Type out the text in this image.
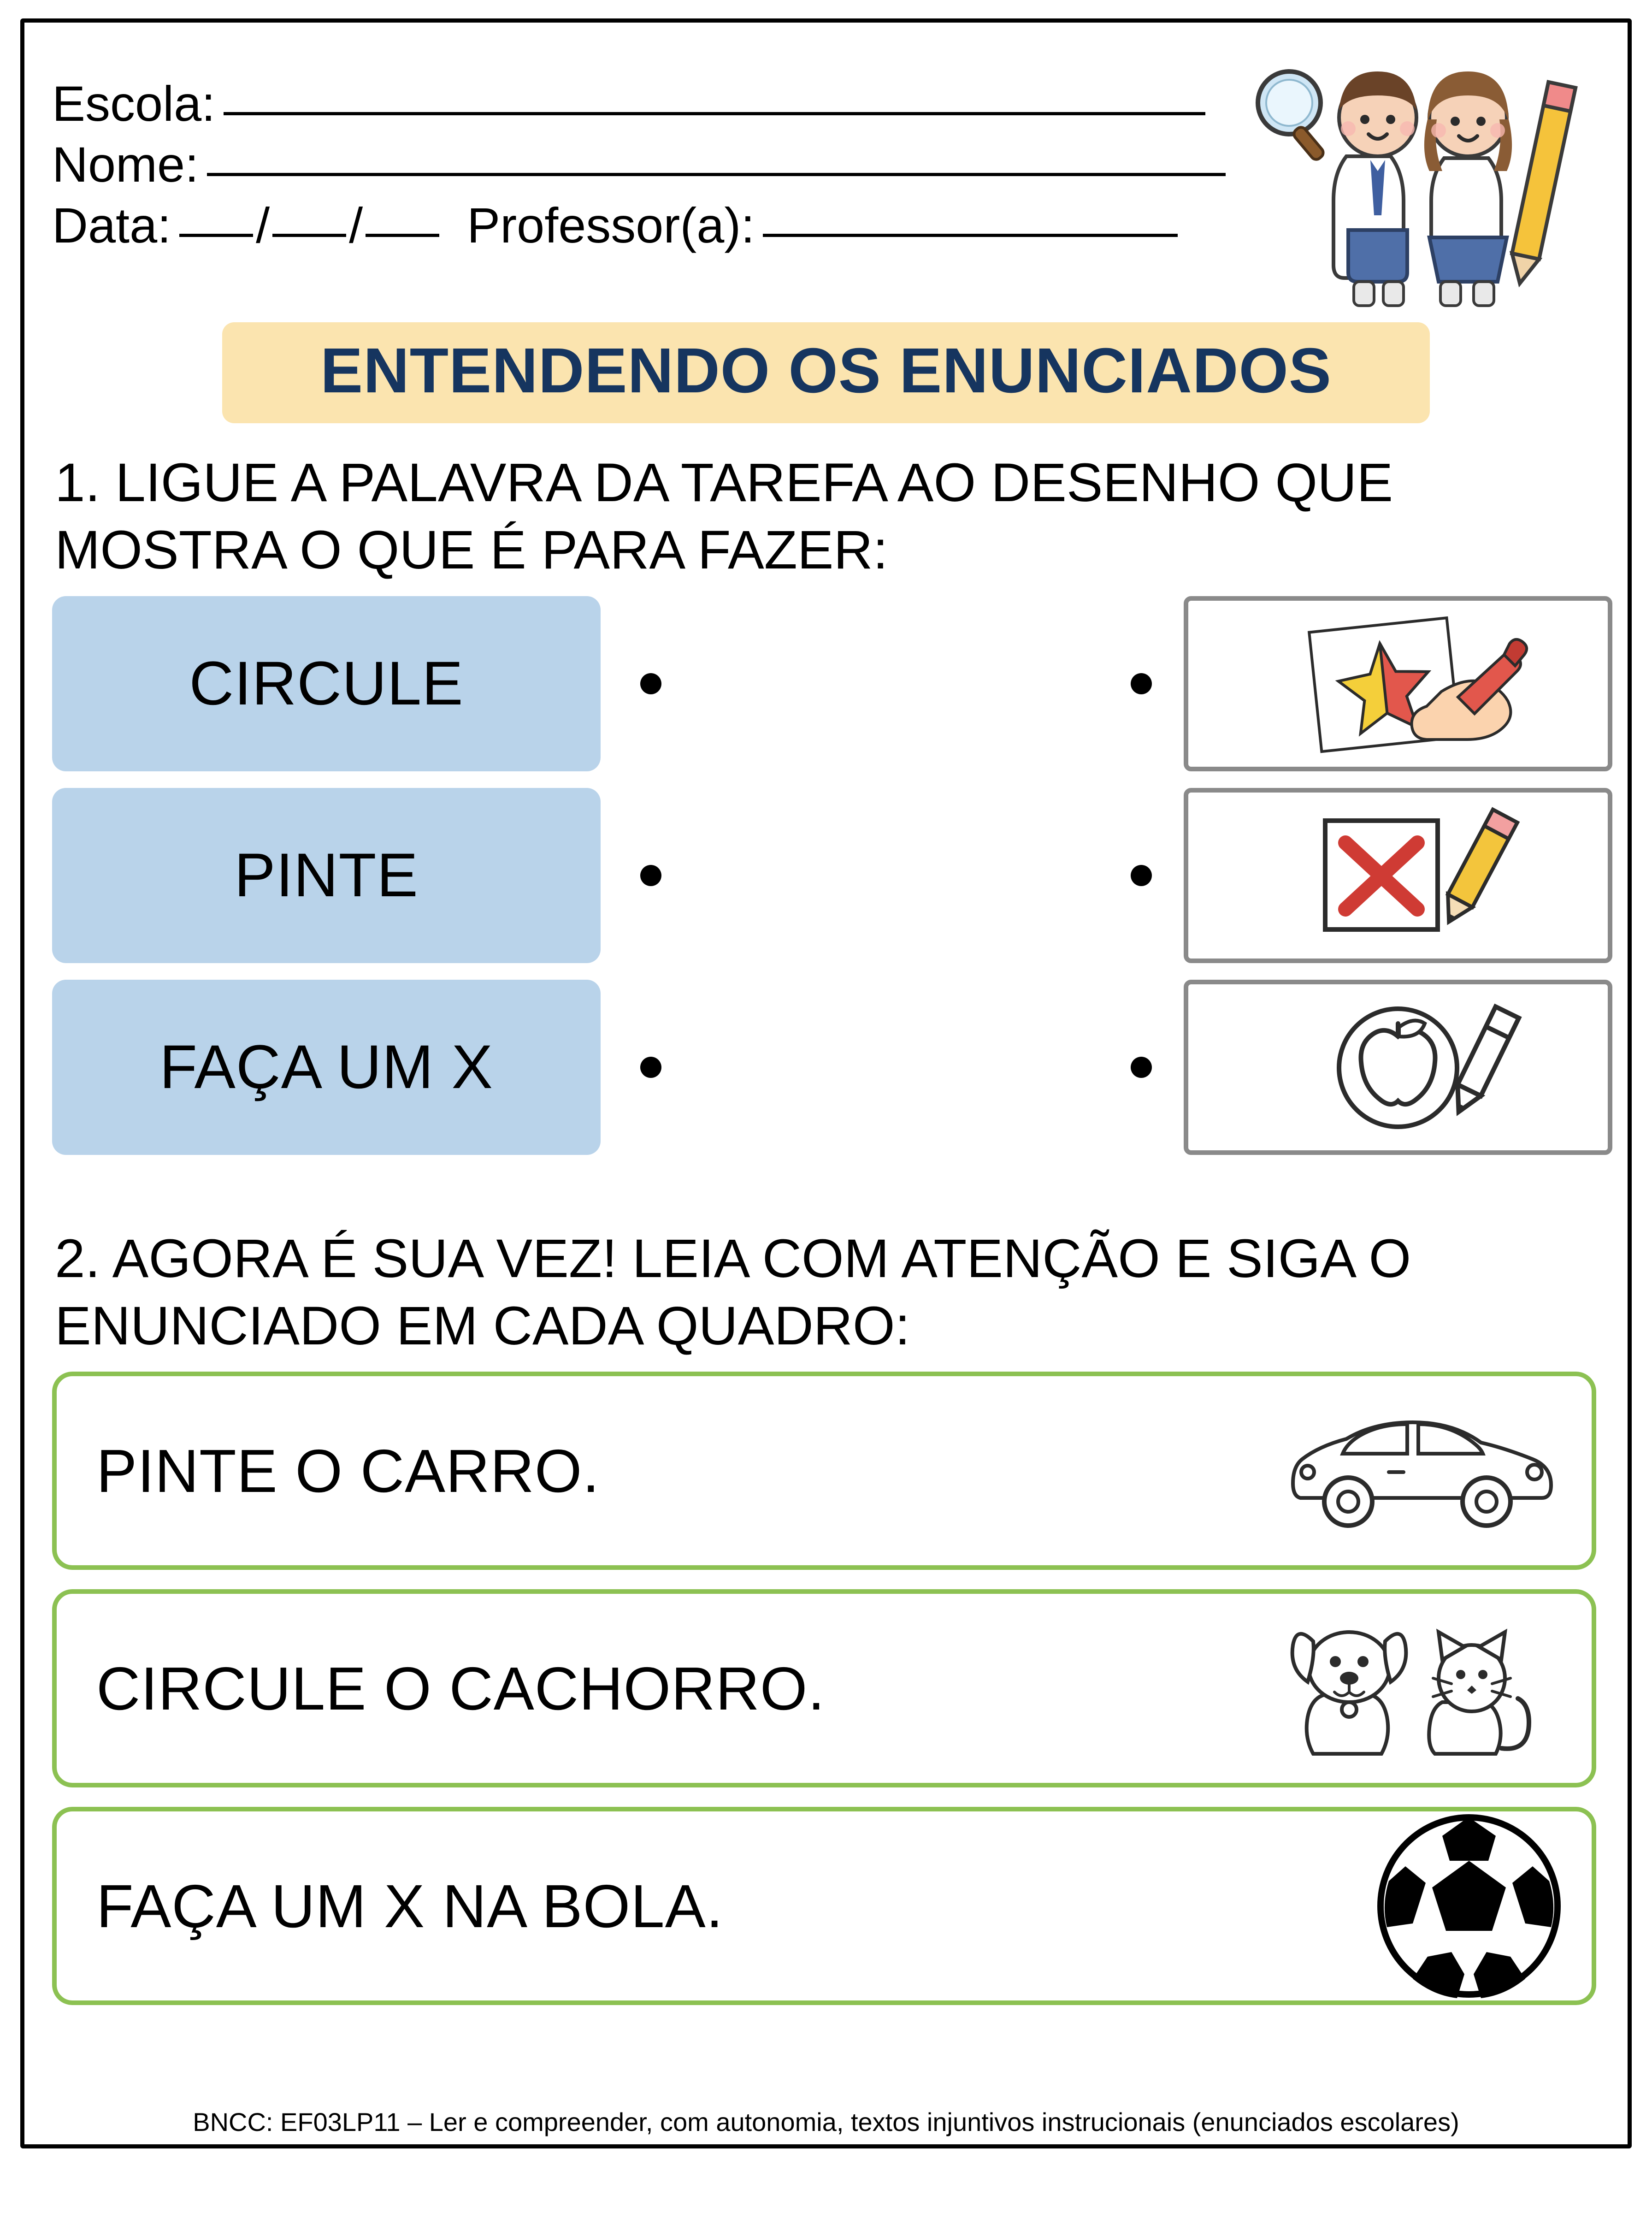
Escola:
Nome:
Data: / / Professor(a):
ENTENDENDO OS ENUNCIADOS
1. LIGUE A PALAVRA DA TAREFA AO DESENHO QUE MOSTRA O QUE É PARA FAZER:
CIRCULE
PINTE
FAÇA UM X
2. AGORA É SUA VEZ! LEIA COM ATENÇÃO E SIGA O ENUNCIADO EM CADA QUADRO:
PINTE O CARRO.
CIRCULE O CACHORRO.
FAÇA UM X NA BOLA.
BNCC: EF03LP11 – Ler e compreender, com autonomia, textos injuntivos instrucionais (enunciados escolares)
